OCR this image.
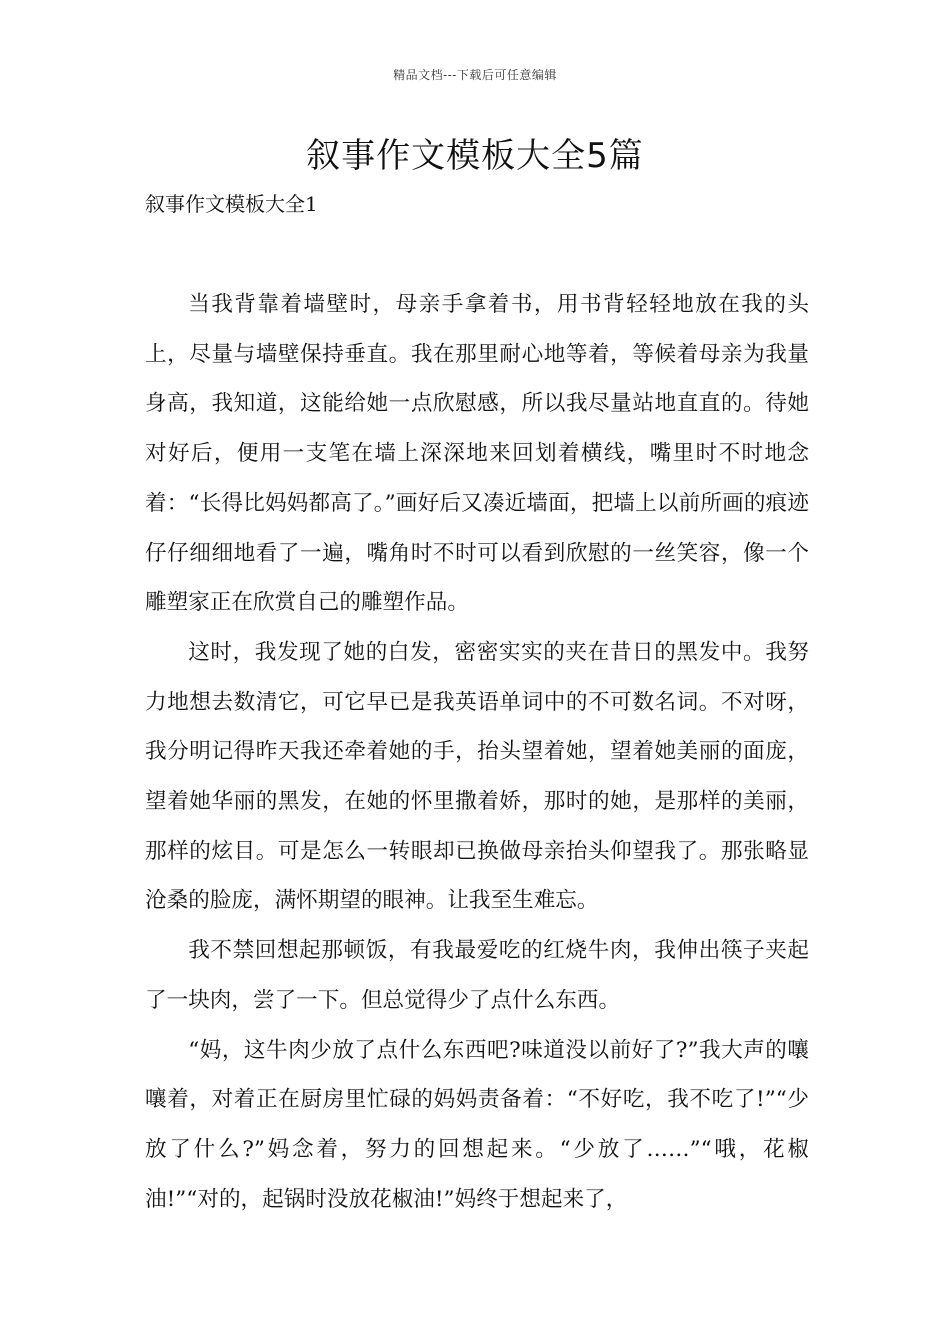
精品文档---下载后可任意编辑
叙事作文模板大全5篇
叙事作文模板大全1

当我背靠着墙壁时，母亲手拿着书，用书背轻轻地放在我的头上，尽量与墙壁保持垂直。我在那里耐心地等着，等候着母亲为我量身高，我知道，这能给她一点欣慰感，所以我尽量站地直直的。待她对好后，便用一支笔在墙上深深地来回划着横线，嘴里时不时地念着：“长得比妈妈都高了。”画好后又凑近墙面，把墙上以前所画的痕迹仔仔细细地看了一遍，嘴角时不时可以看到欣慰的一丝笑容，像一个雕塑家正在欣赏自己的雕塑作品。

这时，我发现了她的白发，密密实实的夹在昔日的黑发中。我努力地想去数清它，可它早已是我英语单词中的不可数名词。不对呀，我分明记得昨天我还牵着她的手，抬头望着她，望着她美丽的面庞，望着她华丽的黑发，在她的怀里撒着娇，那时的她，是那样的美丽，那样的炫目。可是怎么一转眼却已换做母亲抬头仰望我了。那张略显沧桑的脸庞，满怀期望的眼神。让我至生难忘。

我不禁回想起那顿饭，有我最爱吃的红烧牛肉，我伸出筷子夹起了一块肉，尝了一下。但总觉得少了点什么东西。

“妈，这牛肉少放了点什么东西吧?味道没以前好了?”我大声的嚷嚷着，对着正在厨房里忙碌的妈妈责备着：“不好吃，我不吃了!”“少放了什么?”妈念着，努力的回想起来。“少放了……”“哦，花椒油!”“对的，起锅时没放花椒油!”妈终于想起来了，
